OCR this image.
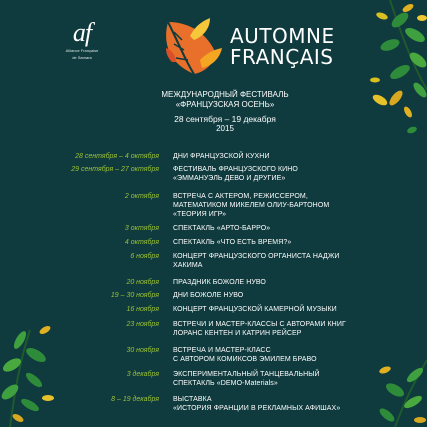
af
Alliance Française
de Samara
AUTOMNE
FRANÇAIS
МЕЖДУНАРОДНЫЙ ФЕСТИВАЛЬ
«ФРАНЦУЗСКАЯ ОСЕНЬ»
28 сентября – 19 декабря
2015
28 сентября – 4 октября ДНИ ФРАНЦУЗСКОЙ КУХНИ
29 сентября – 27 октября ФЕСТИВАЛЬ ФРАНЦУЗСКОГО КИНО
«ЭММАНУЭЛЬ ДЕВО И ДРУГИЕ»
2 октября ВСТРЕЧА С АКТЕРОМ, РЕЖИССЕРОМ,
МАТЕМАТИКОМ МИКЕЛЕМ ОЛИУ-БАРТОНОМ
«ТЕОРИЯ ИГР»
3 октября СПЕКТАКЛЬ «АРТО-БАРРО»
4 октября СПЕКТАКЛЬ «ЧТО ЕСТЬ ВРЕМЯ?»
6 ноября КОНЦЕРТ ФРАНЦУЗСКОГО ОРГАНИСТА НАДЖИ
ХАКИМА
20 ноября ПРАЗДНИК БОЖОЛЕ НУВО
19 – 30 ноября ДНИ БОЖОЛЕ НУВО
16 ноября КОНЦЕРТ ФРАНЦУЗСКОЙ КАМЕРНОЙ МУЗЫКИ
23 ноября ВСТРЕЧИ И МАСТЕР-КЛАССЫ С АВТОРАМИ КНИГ
ЛОРАНС КЕНТЕН И КАТРИН РЕЙСЕР
30 ноября ВСТРЕЧА И МАСТЕР-КЛАСС
С АВТОРОМ КОМИКСОВ ЭМИЛЕМ БРАВО
3 декабря ЭКСПЕРИМЕНТАЛЬНЫЙ ТАНЦЕВАЛЬНЫЙ
СПЕКТАКЛЬ «DEMO-Materials»
8 – 19 декабря ВЫСТАВКА
«ИСТОРИЯ ФРАНЦИИ В РЕКЛАМНЫХ АФИШАХ»
